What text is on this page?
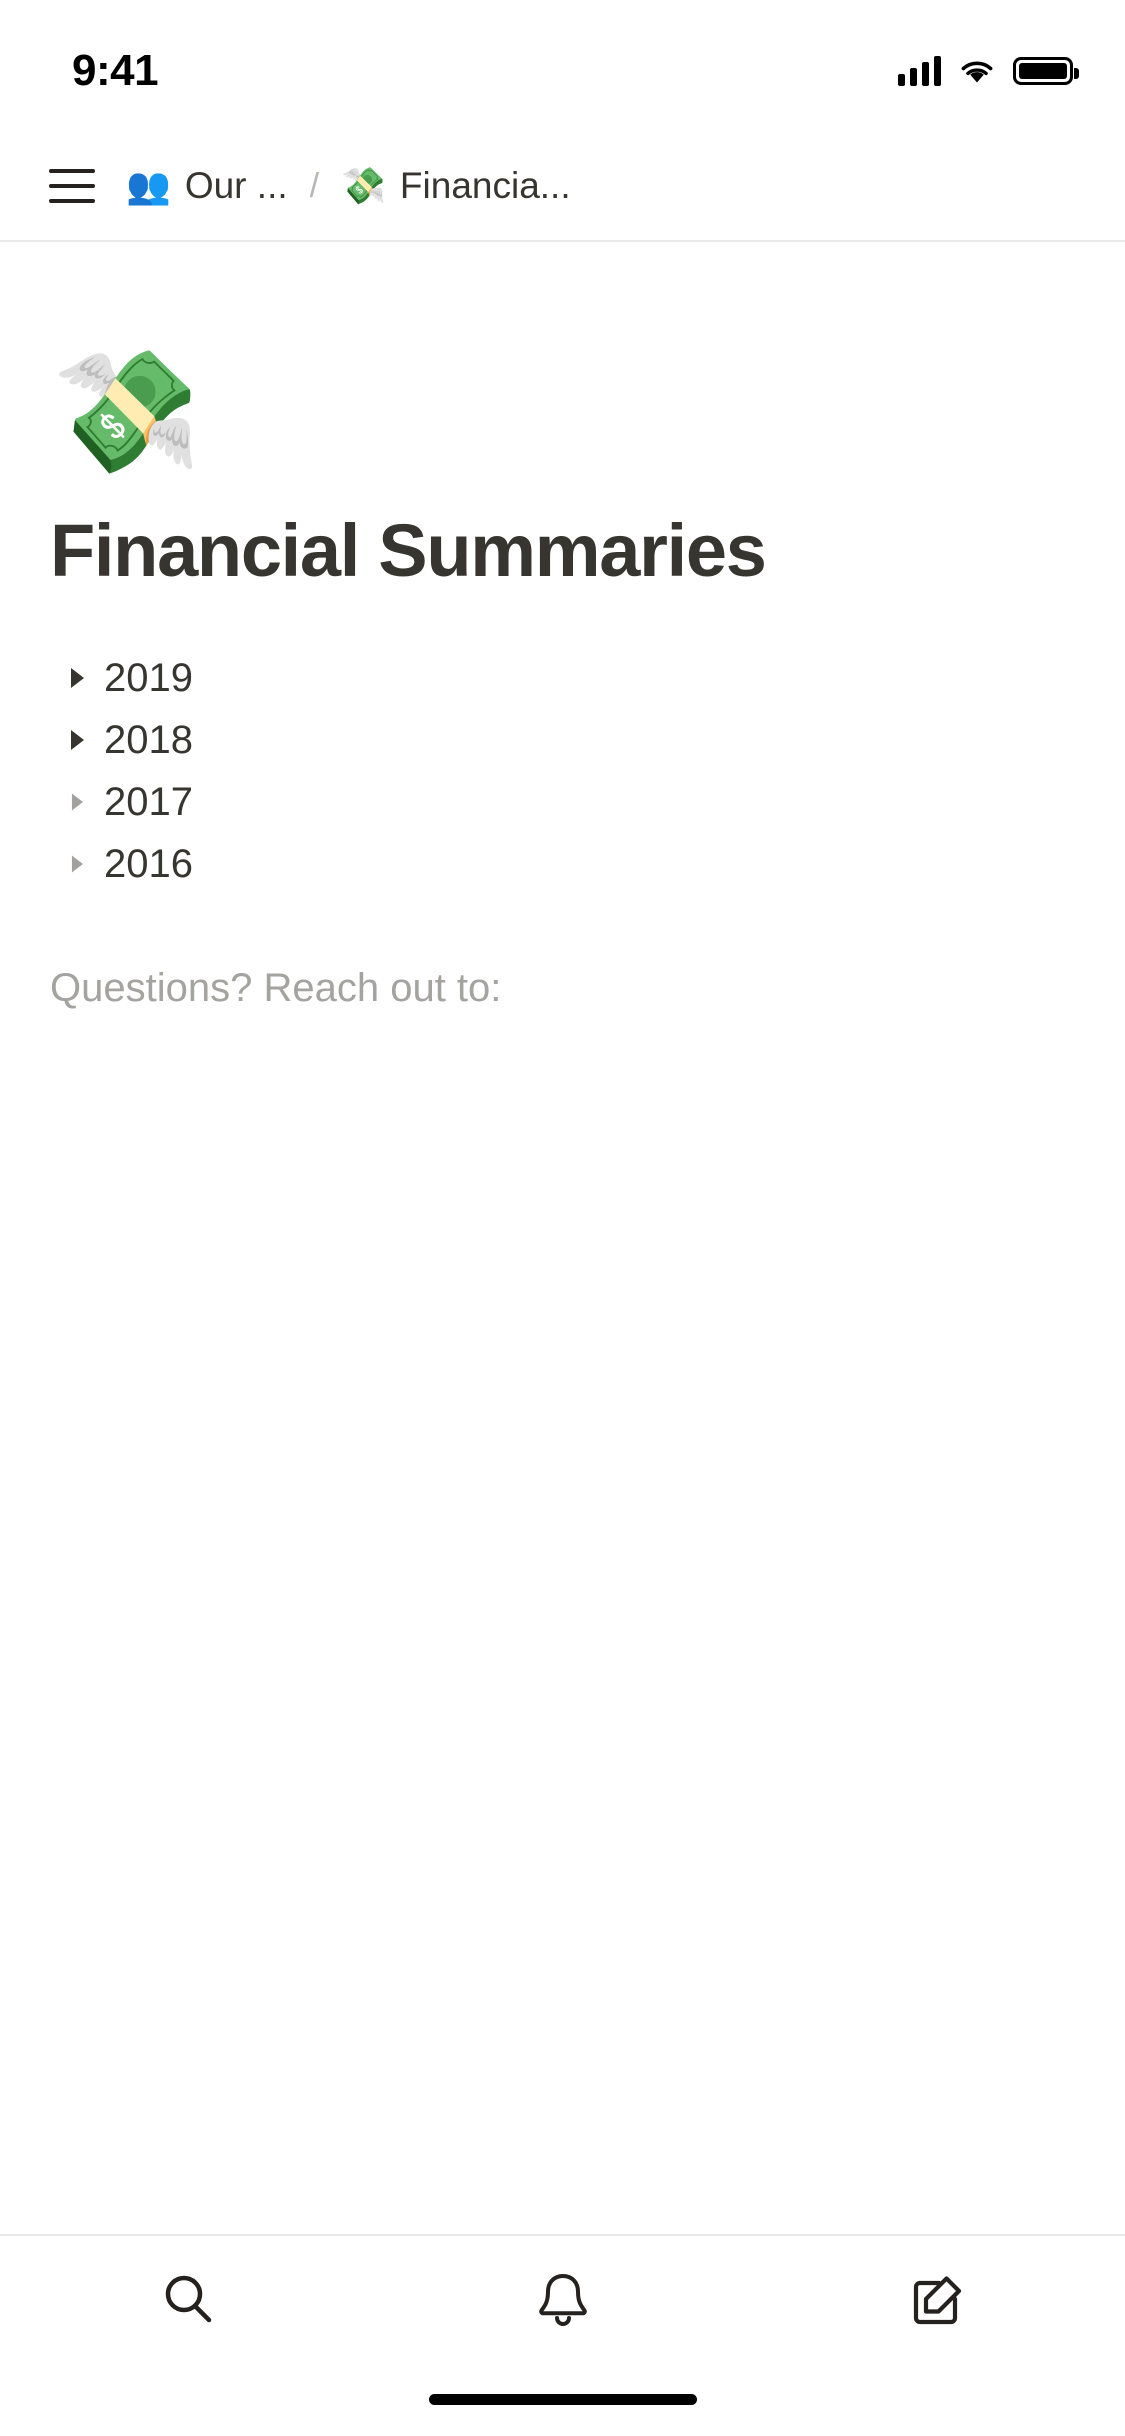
9:41
👥 Our ... / 💸 Financia...
💸
Financial Summaries
2019
2018
2017
2016

Questions? Reach out to:
